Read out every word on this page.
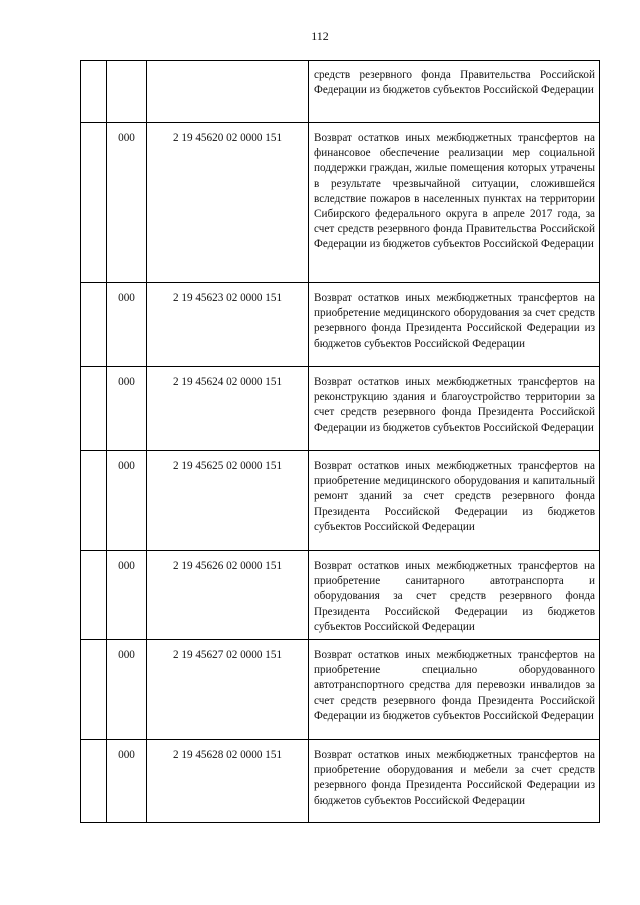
112
			средств резервного фонда Правительства Российской Федерации из бюджетов субъектов Российской Федерации
	000	2 19 45620 02 0000 151	Возврат остатков иных межбюджетных трансфертов на финансовое обеспечение реализации мер социальной поддержки граждан, жилые помещения которых утрачены в результате чрезвычайной ситуации, сложившейся вследствие пожаров в населенных пунктах на территории Сибирского федерального округа в апреле 2017 года, за счет средств резервного фонда Правительства Российской Федерации из бюджетов субъектов Российской Федерации
	000	2 19 45623 02 0000 151	Возврат остатков иных межбюджетных трансфертов на приобретение медицинского оборудования за счет средств резервного фонда Президента Российской Федерации из бюджетов субъектов Российской Федерации
	000	2 19 45624 02 0000 151	Возврат остатков иных межбюджетных трансфертов на реконструкцию здания и благоустройство территории за счет средств резервного фонда Президента Российской Федерации из бюджетов субъектов Российской Федерации
	000	2 19 45625 02 0000 151	Возврат остатков иных межбюджетных трансфертов на приобретение медицинского оборудования и капитальный ремонт зданий за счет средств резервного фонда Президента Российской Федерации из бюджетов субъектов Российской Федерации
	000	2 19 45626 02 0000 151	Возврат остатков иных межбюджетных трансфертов на приобретение санитарного автотранспорта и оборудования за счет средств резервного фонда Президента Российской Федерации из бюджетов субъектов Российской Федерации
	000	2 19 45627 02 0000 151	Возврат остатков иных межбюджетных трансфертов на приобретение специально оборудованного автотранспортного средства для перевозки инвалидов за счет средств резервного фонда Президента Российской Федерации из бюджетов субъектов Российской Федерации
	000	2 19 45628 02 0000 151	Возврат остатков иных межбюджетных трансфертов на приобретение оборудования и мебели за счет средств резервного фонда Президента Российской Федерации из бюджетов субъектов Российской Федерации
